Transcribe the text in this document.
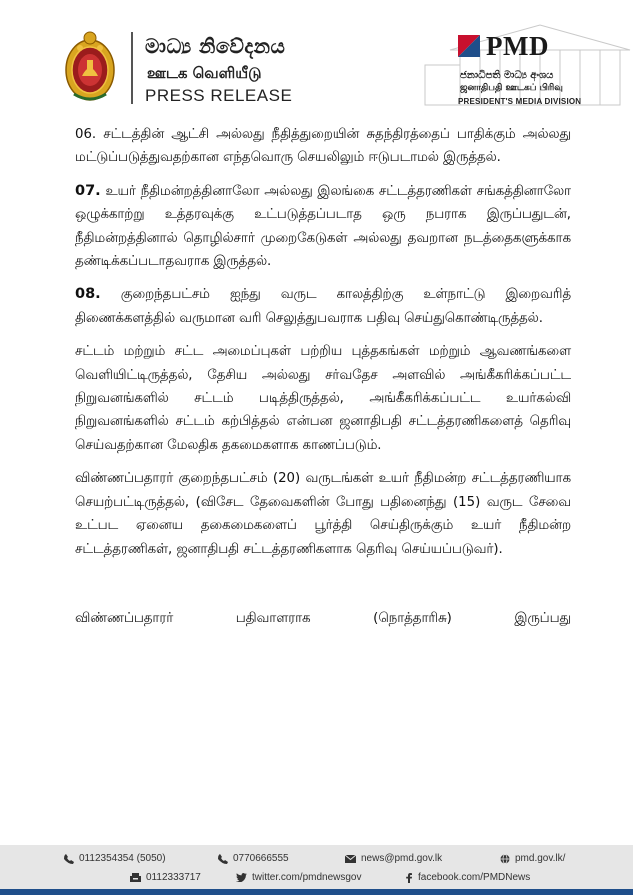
මාධ්‍ය නිවේදනය
ஊடக வெளியீடு
PRESS RELEASE
PMD
ජනාධිපති මාධ්‍ය අංශය
ஜனாதிபதி ஊடகப் பிரிவு
PRESIDENT'S MEDIA DIVISION

06. சட்டத்தின் ஆட்சி அல்லது நீதித்துறையின் சுதந்திரத்தைப் பாதிக்கும் அல்லது மட்டுப்படுத்துவதற்கான எந்தவொரு செயலிலும் ஈடுபடாமல் இருத்தல்.

07. உயர் நீதிமன்றத்தினாலோ அல்லது இலங்கை சட்டத்தரணிகள் சங்கத்தினாலோ ஒழுக்காற்று உத்தரவுக்கு உட்படுத்தப்படாத ஒரு நபராக இருப்பதுடன், நீதிமன்றத்தினால் தொழில்சார் முறைகேடுகள் அல்லது தவறான நடத்தைகளுக்காக தண்டிக்கப்படாதவராக இருத்தல்.

08. குறைந்தபட்சம் ஐந்து வருட காலத்திற்கு உள்நாட்டு இறைவரித் திணைக்களத்தில் வருமான வரி செலுத்துபவராக பதிவு செய்துகொண்டிருத்தல்.

சட்டம் மற்றும் சட்ட அமைப்புகள் பற்றிய புத்தகங்கள் மற்றும் ஆவணங்களை வெளியிட்டிருத்தல், தேசிய அல்லது சர்வதேச அளவில் அங்கீகரிக்கப்பட்ட நிறுவனங்களில் சட்டம் படித்திருத்தல், அங்கீகரிக்கப்பட்ட உயர்கல்வி நிறுவனங்களில் சட்டம் கற்பித்தல் என்பன ஜனாதிபதி சட்டத்தரணிகளைத் தெரிவு செய்வதற்கான மேலதிக தகமைகளாக காணப்படும்.

விண்ணப்பதாரர் குறைந்தபட்சம் (20) வருடங்கள் உயர் நீதிமன்ற சட்டத்தரணியாக செயற்பட்டிருத்தல், (விசேட தேவைகளின் போது பதினைந்து (15) வருட சேவை உட்பட ஏனைய தகைமைகளைப் பூர்த்தி செய்திருக்கும் உயர் நீதிமன்ற சட்டத்தரணிகள், ஜனாதிபதி சட்டத்தரணிகளாக தெரிவு செய்யப்படுவர்).

விண்ணப்பதாரர் பதிவாளராக (நொத்தாரிசு) இருப்பது

0112354354 (5050)	0770666555	news@pmd.gov.lk	pmd.gov.lk/
0112333717	twitter.com/pmdnewsgov	facebook.com/PMDNews
